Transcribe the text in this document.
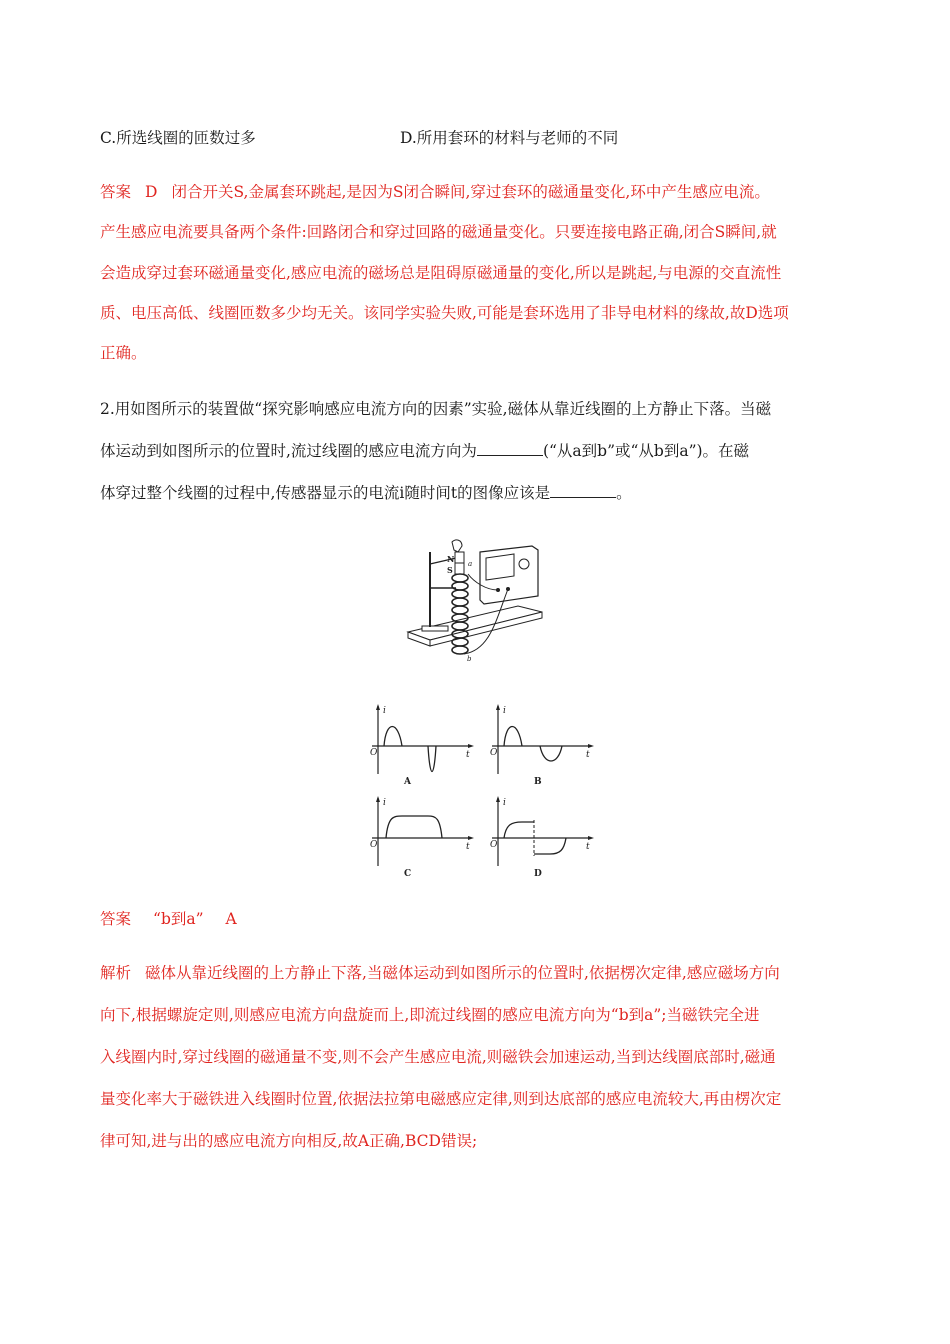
C.所选线圈的匝数过多	D.所用套环的材料与老师的不同
答案 D 闭合开关S,金属套环跳起,是因为S闭合瞬间,穿过套环的磁通量变化,环中产生感应电流。
产生感应电流要具备两个条件:回路闭合和穿过回路的磁通量变化。只要连接电路正确,闭合S瞬间,就
会造成穿过套环磁通量变化,感应电流的磁场总是阻碍原磁通量的变化,所以是跳起,与电源的交直流性
质、电压高低、线圈匝数多少均无关。该同学实验失败,可能是套环选用了非导电材料的缘故,故D选项
正确。
2.用如图所示的装置做“探究影响感应电流方向的因素”实验,磁体从靠近线圈的上方静止下落。当磁
体运动到如图所示的位置时,流过线圈的感应电流方向为	(“从a到b”或“从b到a”)。在磁
体穿过整个线圈的过程中,传感器显示的电流i随时间t的图像应该是	。
N
S
a
b
i
t
O
A
i
t
O
B
i
t
O
C
i
t
O
D
答案 “b到a” A
解析 磁体从靠近线圈的上方静止下落,当磁体运动到如图所示的位置时,依据楞次定律,感应磁场方向
向下,根据螺旋定则,则感应电流方向盘旋而上,即流过线圈的感应电流方向为“b到a”;当磁铁完全进
入线圈内时,穿过线圈的磁通量不变,则不会产生感应电流,则磁铁会加速运动,当到达线圈底部时,磁通
量变化率大于磁铁进入线圈时位置,依据法拉第电磁感应定律,则到达底部的感应电流较大,再由楞次定
律可知,进与出的感应电流方向相反,故A正确,BCD错误;
